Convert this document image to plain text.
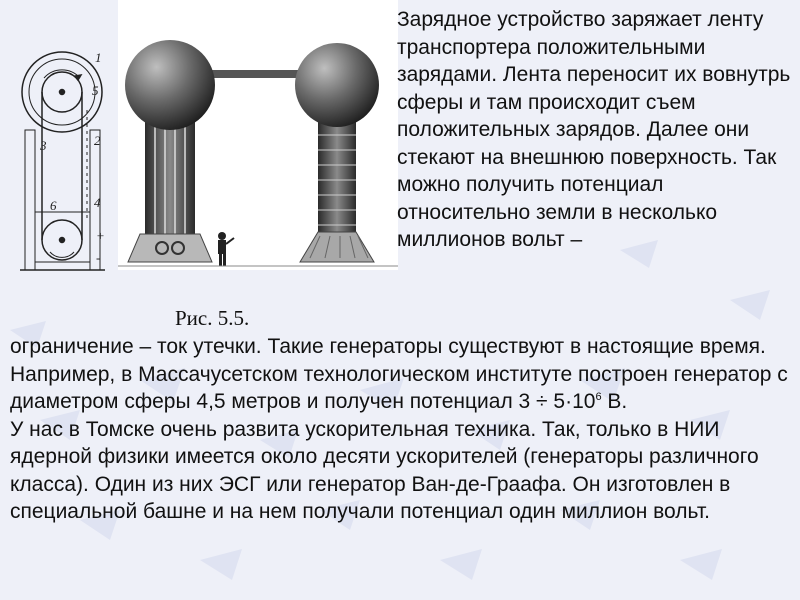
1
5
2
3
6	4
+
-

Зарядное устройство заряжает ленту транспортера положительными зарядами. Лента переносит их вовнутрь сферы и там происходит съем положительных зарядов. Далее они стекают на внешнюю поверхность. Так можно получить потенциал относительно земли в несколько миллионов вольт –

Рис. 5.5.

ограничение – ток утечки. Такие генераторы существуют в настоящие время. Например, в Массачусетском технологическом институте построен генератор с диаметром сферы 4,5 метров и получен потенциал $3 \div 5\cdot 10^6$ В.
У нас в Томске очень развита ускорительная техника. Так, только в НИИ ядерной физики имеется около десяти ускорителей (генераторы различного класса). Один из них ЭСГ или генератор Ван-де-Граафа. Он изготовлен в специальной башне и на нем получали потенциал один миллион вольт.
